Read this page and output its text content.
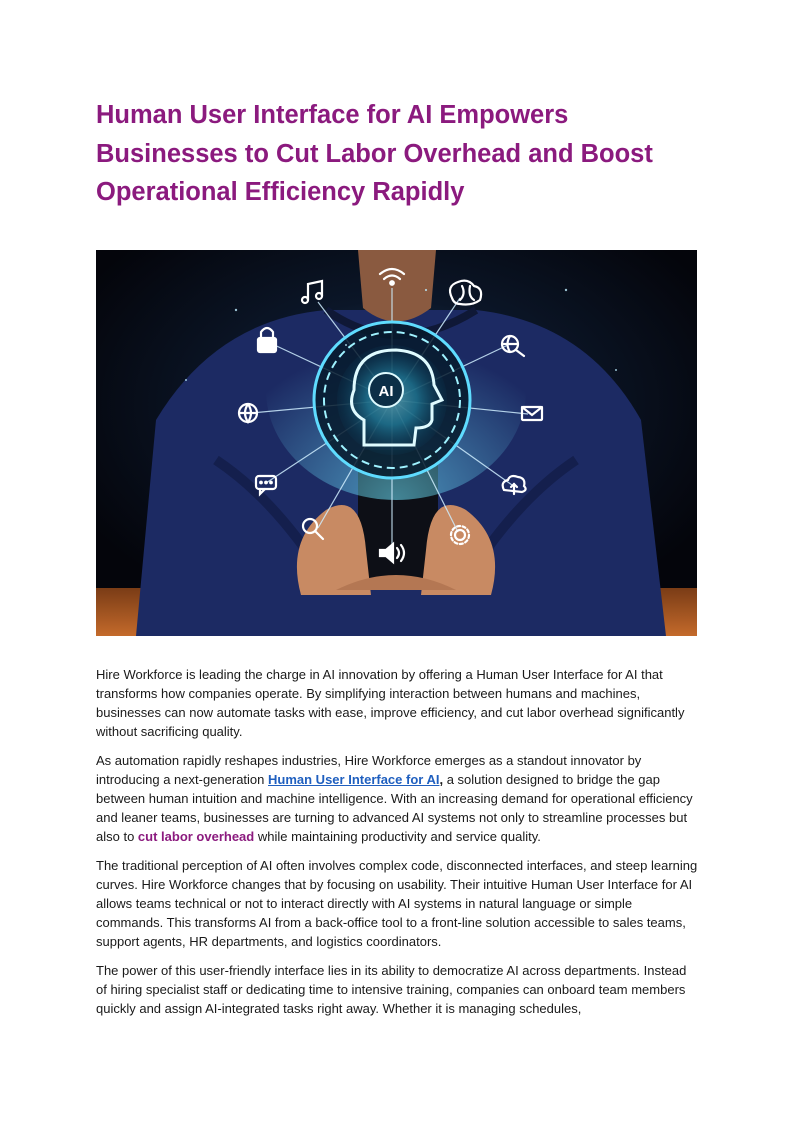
Human User Interface for AI Empowers Businesses to Cut Labor Overhead and Boost Operational Efficiency Rapidly
AI

Hire Workforce is leading the charge in AI innovation by offering a Human User Interface for AI that transforms how companies operate. By simplifying interaction between humans and machines, businesses can now automate tasks with ease, improve efficiency, and cut labor overhead significantly without sacrificing quality.

As automation rapidly reshapes industries, Hire Workforce emerges as a standout innovator by introducing a next-generation Human User Interface for AI, a solution designed to bridge the gap between human intuition and machine intelligence. With an increasing demand for operational efficiency and leaner teams, businesses are turning to advanced AI systems not only to streamline processes but also to cut labor overhead while maintaining productivity and service quality.

The traditional perception of AI often involves complex code, disconnected interfaces, and steep learning curves. Hire Workforce changes that by focusing on usability. Their intuitive Human User Interface for AI allows teams technical or not to interact directly with AI systems in natural language or simple commands. This transforms AI from a back-office tool to a front-line solution accessible to sales teams, support agents, HR departments, and logistics coordinators.

The power of this user-friendly interface lies in its ability to democratize AI across departments. Instead of hiring specialist staff or dedicating time to intensive training, companies can onboard team members quickly and assign AI-integrated tasks right away. Whether it is managing schedules,
